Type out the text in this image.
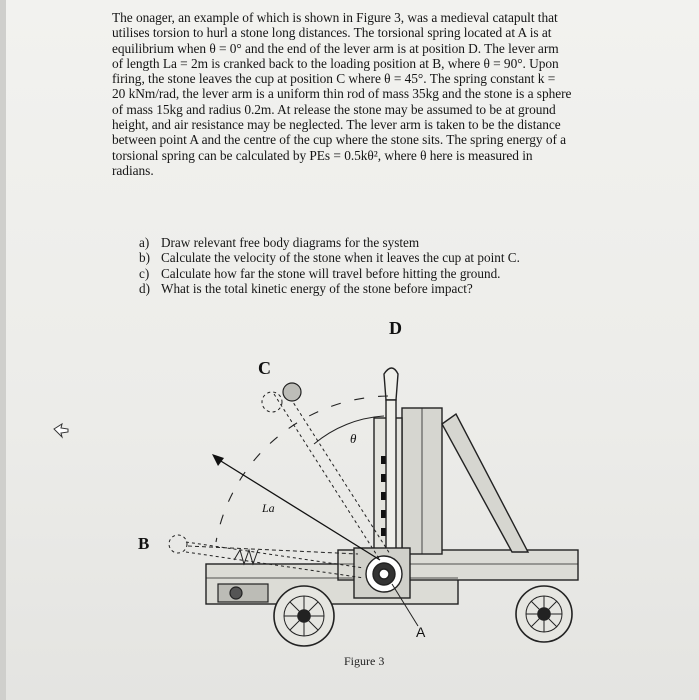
The onager, an example of which is shown in Figure 3, was a medieval catapult that
utilises torsion to hurl a stone long distances. The torsional spring located at A is at
equilibrium when θ = 0° and the end of the lever arm is at position D. The lever arm
of length La = 2m is cranked back to the loading position at B, where θ = 90°. Upon
firing, the stone leaves the cup at position C where θ = 45°. The spring constant k =
20 kNm/rad, the lever arm is a uniform thin rod of mass 35kg and the stone is a sphere
of mass 15kg and radius 0.2m. At release the stone may be assumed to be at ground
height, and air resistance may be neglected. The lever arm is taken to be the distance
between point A and the centre of the cup where the stone sits. The spring energy of a
torsional spring can be calculated by PEs = 0.5kθ², where θ here is measured in
radians.
a) Draw relevant free body diagrams for the system
b) Calculate the velocity of the stone when it leaves the cup at point C.
c) Calculate how far the stone will travel before hitting the ground.
d) What is the total kinetic energy of the stone before impact?
D
C
B
A
θ
La
Figure 3
